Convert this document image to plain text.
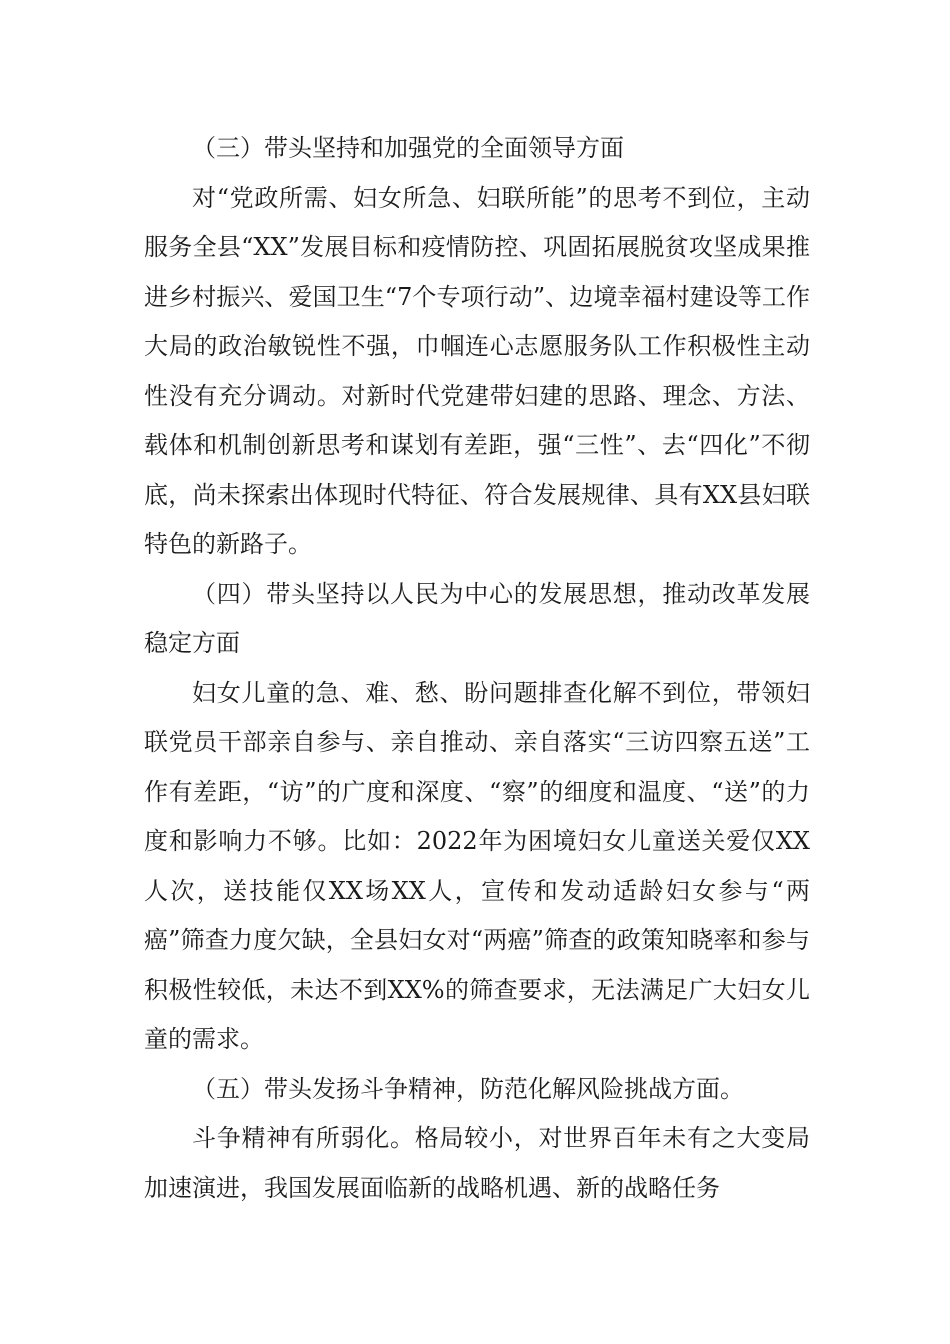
（三）带头坚持和加强党的全面领导方面

对“党政所需、妇女所急、妇联所能”的思考不到位，主动服务全县“XX”发展目标和疫情防控、巩固拓展脱贫攻坚成果推进乡村振兴、爱国卫生“7个专项行动”、边境幸福村建设等工作大局的政治敏锐性不强，巾帼连心志愿服务队工作积极性主动性没有充分调动。对新时代党建带妇建的思路、理念、方法、载体和机制创新思考和谋划有差距，强“三性”、去“四化”不彻底，尚未探索出体现时代特征、符合发展规律、具有XX县妇联特色的新路子。

（四）带头坚持以人民为中心的发展思想，推动改革发展稳定方面

妇女儿童的急、难、愁、盼问题排查化解不到位，带领妇联党员干部亲自参与、亲自推动、亲自落实“三访四察五送”工作有差距，“访”的广度和深度、“察”的细度和温度、“送”的力度和影响力不够。比如：2022年为困境妇女儿童送关爱仅XX人次，送技能仅XX场XX人，宣传和发动适龄妇女参与“两癌”筛查力度欠缺，全县妇女对“两癌”筛查的政策知晓率和参与积极性较低，未达不到XX%的筛查要求，无法满足广大妇女儿童的需求。

（五）带头发扬斗争精神，防范化解风险挑战方面。

斗争精神有所弱化。格局较小，对世界百年未有之大变局加速演进，我国发展面临新的战略机遇、新的战略任务
